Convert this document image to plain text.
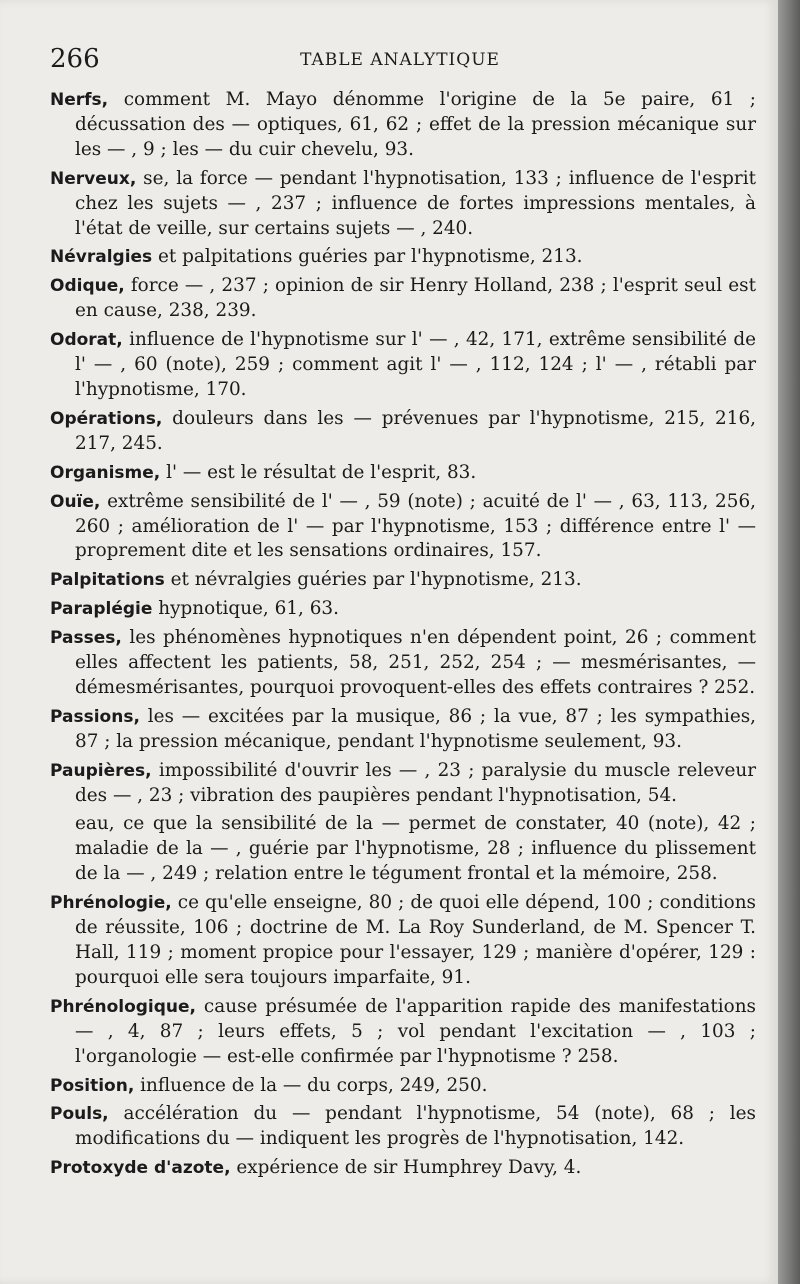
266	TABLE ANALYTIQUE
Nerfs, comment M. Mayo dénomme l'origine de la 5e paire, 61 ; décussation des — optiques, 61, 62 ; effet de la pression mécanique sur les — , 9 ; les — du cuir chevelu, 93.
Nerveux, se, la force — pendant l'hypnotisation, 133 ; influence de l'esprit chez les sujets — , 237 ; influence de fortes impressions mentales, à l'état de veille, sur certains sujets — , 240.
Névralgies et palpitations guéries par l'hypnotisme, 213.
Odique, force — , 237 ; opinion de sir Henry Holland, 238 ; l'esprit seul est en cause, 238, 239.
Odorat, influence de l'hypnotisme sur l' — , 42, 171, extrême sensibilité de l' — , 60 (note), 259 ; comment agit l' — , 112, 124 ; l' — , rétabli par l'hypnotisme, 170.
Opérations, douleurs dans les — prévenues par l'hypnotisme, 215, 216, 217, 245.
Organisme, l' — est le résultat de l'esprit, 83.
Ouïe, extrême sensibilité de l' — , 59 (note) ; acuité de l' — , 63, 113, 256, 260 ; amélioration de l' — par l'hypnotisme, 153 ; différence entre l' — proprement dite et les sensations ordinaires, 157.
Palpitations et névralgies guéries par l'hypnotisme, 213.
Paraplégie hypnotique, 61, 63.
Passes, les phénomènes hypnotiques n'en dépendent point, 26 ; comment elles affectent les patients, 58, 251, 252, 254 ; — mesmérisantes, — démesmérisantes, pourquoi provoquent-elles des effets contraires ? 252.
Passions, les — excitées par la musique, 86 ; la vue, 87 ; les sympathies, 87 ; la pression mécanique, pendant l'hypnotisme seulement, 93.
Paupières, impossibilité d'ouvrir les — , 23 ; paralysie du muscle releveur des — , 23 ; vibration des paupières pendant l'hypnotisation, 54.
eau, ce que la sensibilité de la — permet de constater, 40 (note), 42 ; maladie de la — , guérie par l'hypnotisme, 28 ; influence du plissement de la — , 249 ; relation entre le tégument frontal et la mémoire, 258.
Phrénologie, ce qu'elle enseigne, 80 ; de quoi elle dépend, 100 ; conditions de réussite, 106 ; doctrine de M. La Roy Sunderland, de M. Spencer T. Hall, 119 ; moment propice pour l'essayer, 129 ; manière d'opérer, 129 : pourquoi elle sera toujours imparfaite, 91.
Phrénologique, cause présumée de l'apparition rapide des manifestations — , 4, 87 ; leurs effets, 5 ; vol pendant l'excitation — , 103 ; l'organologie — est-elle confirmée par l'hypnotisme ? 258.
Position, influence de la — du corps, 249, 250.
Pouls, accélération du — pendant l'hypnotisme, 54 (note), 68 ; les modifications du — indiquent les progrès de l'hypnotisation, 142.
Protoxyde d'azote, expérience de sir Humphrey Davy, 4.
